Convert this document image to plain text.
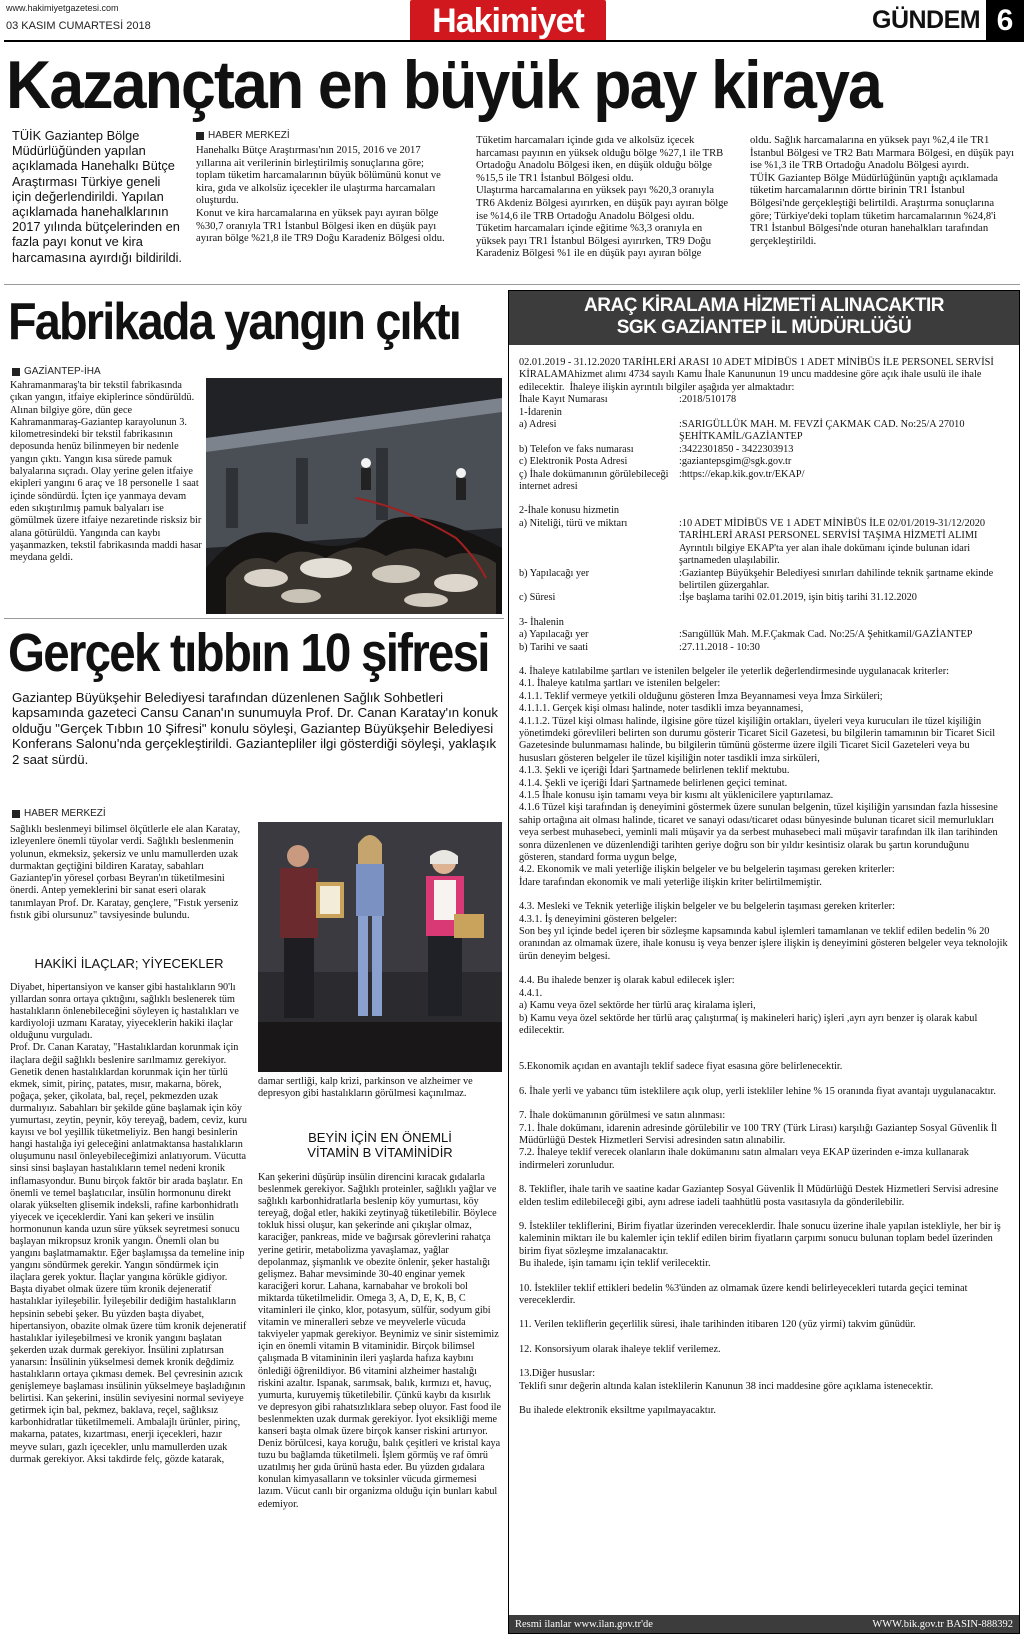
www.hakimiyetgazetesi.com
03 KASIM CUMARTESİ 2018	Hakimiyet	GÜNDEM 6
Kazançtan en büyük pay kiraya
TÜİK Gaziantep Bölge Müdürlüğünden yapılan açıklamada Hanehalkı Bütçe Araştırması Türkiye geneli için değerlendirildi. Yapılan açıklamada hanehalklarının 2017 yılında bütçelerinden en fazla payı konut ve kira harcamasına ayırdığı bildirildi.
HABER MERKEZİ

Hanehalkı Bütçe Araştırması'nın 2015, 2016 ve 2017 yıllarına ait verilerinin birleştirilmiş sonuçlarına göre; toplam tüketim harcamalarının büyük bölümünü konut ve kira, gıda ve alkolsüz içecekler ile ulaştırma harcamaları oluşturdu.
Konut ve kira harcamalarına en yüksek payı ayıran bölge %30,7 oranıyla TR1 İstanbul Bölgesi iken en düşük payı ayıran bölge %21,8 ile TR9 Doğu Karadeniz Bölgesi oldu.

Tüketim harcamaları içinde gıda ve alkolsüz içecek harcaması payının en yüksek olduğu bölge %27,1 ile TRB Ortadoğu Anadolu Bölgesi iken, en düşük olduğu bölge %15,5 ile TR1 İstanbul Bölgesi oldu.
Ulaştırma harcamalarına en yüksek payı %20,3 oranıyla TR6 Akdeniz Bölgesi ayırırken, en düşük payı ayıran bölge ise %14,6 ile TRB Ortadoğu Anadolu Bölgesi oldu.
Tüketim harcamaları içinde eğitime %3,3 oranıyla en yüksek payı TR1 İstanbul Bölgesi ayırırken, TR9 Doğu Karadeniz Bölgesi %1 ile en düşük payı ayıran bölge

oldu. Sağlık harcamalarına en yüksek payı %2,4 ile TR1 İstanbul Bölgesi ve TR2 Batı Marmara Bölgesi, en düşük payı ise %1,3 ile TRB Ortadoğu Anadolu Bölgesi ayırdı.
TÜİK Gaziantep Bölge Müdürlüğünün yaptığı açıklamada tüketim harcamalarının dörtte birinin TR1 İstanbul Bölgesi'nde gerçekleştiği belirtildi. Araştırma sonuçlarına göre; Türkiye'deki toplam tüketim harcamalarının %24,8'i TR1 İstanbul Bölgesi'nde oturan hanehalkları tarafından gerçekleştirildi.

Fabrikada yangın çıktı
GAZİANTEP-İHA

Kahramanmaraş'ta bir tekstil fabrikasında çıkan yangın, itfaiye ekiplerince söndürüldü.
Alınan bilgiye göre, dün gece Kahramanmaraş-Gaziantep karayolunun 3. kilometresindeki bir tekstil fabrikasının deposunda henüz bilinmeyen bir nedenle yangın çıktı. Yangın kısa sürede pamuk balyalarına sıçradı. Olay yerine gelen itfaiye ekipleri yangını 6 araç ve 18 personelle 1 saat içinde söndürdü. İçten içe yanmaya devam eden sıkıştırılmış pamuk balyaları ise gömülmek üzere itfaiye nezaretinde risksiz bir alana götürüldü. Yangında can kaybı yaşanmazken, tekstil fabrikasında maddi hasar meydana geldi.

Gerçek tıbbın 10 şifresi
Gaziantep Büyükşehir Belediyesi tarafından düzenlenen Sağlık Sohbetleri kapsamında gazeteci Cansu Canan'ın sunumuyla Prof. Dr. Canan Karatay'ın konuk olduğu "Gerçek Tıbbın 10 Şifresi" konulu söyleşi, Gaziantep Büyükşehir Belediyesi Konferans Salonu'nda gerçekleştirildi. Gaziantepliler ilgi gösterdiği söyleşi, yaklaşık 2 saat sürdü.
HABER MERKEZİ

Sağlıklı beslenmeyi bilimsel ölçütlerle ele alan Karatay, izleyenlere önemli tüyolar verdi. Sağlıklı beslenmenin yolunun, ekmeksiz, şekersiz ve unlu mamullerden uzak durmaktan geçtiğini bildiren Karatay, sabahları Gaziantep'in yöresel çorbası Beyran'ın tüketilmesini önerdi. Antep yemeklerini bir sanat eseri olarak tanımlayan Prof. Dr. Karatay, gençlere, "Fıstık yerseniz fıstık gibi olursunuz" tavsiyesinde bulundu.

HAKİKİ İLAÇLAR; YİYECEKLER

Diyabet, hipertansiyon ve kanser gibi hastalıkların 90'lı yıllardan sonra ortaya çıktığını, sağlıklı beslenerek tüm hastalıkların önlenebileceğini söyleyen iç hastalıkları ve kardiyoloji uzmanı Karatay, yiyeceklerin hakiki ilaçlar olduğunu vurguladı.
Prof. Dr. Canan Karatay, "Hastalıklardan korunmak için ilaçlara değil sağlıklı beslenire sarılmamız gerekiyor. Genetik denen hastalıklardan korunmak için her türlü ekmek, simit, pirinç, patates, mısır, makarna, börek, poğaça, şeker, çikolata, bal, reçel, pekmezden uzak durmalıyız. Sabahları bir şekilde güne başlamak için köy yumurtası, zeytin, peynir, köy tereyağ, badem, ceviz, kuru kayısı ve bol yeşillik tüketmeliyiz. Ben hangi besinlerin hangi hastalığa iyi geleceğini anlatmaktansa hastalıkların oluşumunu nasıl önleyebileceğimizi anlatıyorum. Vücutta sinsi sinsi başlayan hastalıkların temel nedeni kronik inflamasyondur. Bunu birçok faktör bir arada başlatır. En önemli ve temel başlatıcılar, insülin hormonunu direkt olarak yükselten glisemik indeksli, rafine karbonhidratlı yiyecek ve içeceklerdir. Yani kan şekeri ve insülin hormonunun kanda uzun süre yüksek seyretmesi sonucu başlayan mikropsuz kronik yangın. Önemli olan bu yangını başlatmamaktır. Eğer başlamışsa da temeline inip yangını söndürmek gerekir. Yangın söndürmek için ilaçlara gerek yoktur. İlaçlar yangına körükle gidiyor. Başta diyabet olmak üzere tüm kronik dejeneratif hastalıklar iyileşebilir. İyileşebilir dediğim hastalıkların hepsinin sebebi şeker. Bu yüzden başta diyabet, hipertansiyon, obazite olmak üzere tüm kronik dejeneratif hastalıklar iyileşebilmesi ve kronik yangını başlatan şekerden uzak durmak gerekiyor. İnsülini zıplatırsan yanarsın: İnsülinin yükselmesi demek kronik değdimiz hastalıkların ortaya çıkması demek. Bel çevresinin azıcık genişlemeye başlaması insülinin yükselmeye başladığının belirtisi. Kan şekerini, insülin seviyesini normal seviyeye getirmek için bal, pekmez, baklava, reçel, sağlıksız karbonhidratlar tüketilmemeli. Ambalajlı ürünler, pirinç, makarna, patates, kızartması, enerji içecekleri, hazır meyve suları, gazlı içecekler, unlu mamullerden uzak durmak gerekiyor. Aksi takdirde felç, gözde katarak,

damar sertliği, kalp krizi, parkinson ve alzheimer ve depresyon gibi hastalıkların görülmesi kaçınılmaz.

BEYİN İÇİN EN ÖNEMLİ
VİTAMİN B VİTAMİNİDİR

Kan şekerini düşürüp insülin direncini kıracak gıdalarla beslenmek gerekiyor. Sağlıklı proteinler, sağlıklı yağlar ve sağlıklı karbonhidratlarla beslenip köy yumurtası, köy tereyağ, doğal etler, hakiki zeytinyağ tüketilebilir. Böylece tokluk hissi oluşur, kan şekerinde ani çıkışlar olmaz, karaciğer, pankreas, mide ve bağırsak görevlerini rahatça yerine getirir, metabolizma yavaşlamaz, yağlar depolanmaz, şişmanlık ve obezite önlenir, şeker hastalığı gelişmez. Bahar mevsiminde 30-40 enginar yemek karaciğeri korur. Lahana, karnabahar ve brokoli bol miktarda tüketilmelidir. Omega 3, A, D, E, K, B, C vitaminleri ile çinko, klor, potasyum, sülfür, sodyum gibi vitamin ve mineralleri sebze ve meyvelerle vücuda takviyeler yapmak gerekiyor. Beynimiz ve sinir sistemimiz için en önemli vitamin B vitaminidir. Birçok bilimsel çalışmada B vitamininin ileri yaşlarda hafıza kaybını önlediği öğrenildiyor. B6 vitamini alzheimer hastalığı riskini azaltır. Ispanak, sarımsak, balık, kırmızı et, havuç, yumurta, kuruyemiş tüketilebilir. Çünkü kaybı da kısırlık ve depresyon gibi rahatsızlıklara sebep oluyor. Fast food ile beslenmekten uzak durmak gerekiyor. İyot eksikliği meme kanseri başta olmak üzere birçok kanser riskini artırıyor. Deniz börülcesi, kaya koruğu, balık çeşitleri ve kristal kaya tuzu bu bağlamda tüketilmeli. İşlem görmüş ve raf ömrü uzatılmış her gıda ürünü hasta eder. Bu yüzden gıdalara konulan kimyasalların ve toksinler vücuda girmemesi lazım. Vücut canlı bir organizma olduğu için bunları kabul edemiyor.

ARAÇ KİRALAMA HİZMETİ ALINACAKTIR
SGK GAZİANTEP İL MÜDÜRLÜĞÜ
02.01.2019 - 31.12.2020 TARİHLERİ ARASI 10 ADET MİDİBÜS 1 ADET MİNİBÜS İLE PERSONEL SERVİSİ KİRALAMAhizmet alımı 4734 sayılı Kamu İhale Kanununun 19 uncu maddesine göre açık ihale usulü ile ihale edilecektir.  İhaleye ilişkin ayrıntılı bilgiler aşağıda yer almaktadır:
İhale Kayıt Numarası	:2018/510178
1-İdarenin
a) Adresi	:SARIGÜLLÜK MAH. M. FEVZİ ÇAKMAK CAD. No:25/A 27010 ŞEHİTKAMİL/GAZİANTEP
b) Telefon ve faks numarası	:3422301850 - 3422303913
c) Elektronik Posta Adresi	:gaziantepsgim@sgk.gov.tr
ç) İhale dokümanının görülebileceği internet adresi
:https://ekap.kik.gov.tr/EKAP/
2-İhale konusu hizmetin
a) Niteliği, türü ve miktarı	:10 ADET MİDİBÜS VE 1 ADET MİNİBÜS İLE 02/01/2019-31/12/2020 TARİHLERİ ARASI PERSONEL SERVİSİ TAŞIMA HİZMETİ ALIMI
Ayrıntılı bilgiye EKAP'ta yer alan ihale dokümanı içinde bulunan idari şartnameden ulaşılabilir.
b) Yapılacağı yer	:Gaziantep Büyükşehir Belediyesi sınırları dahilinde teknik şartname ekinde belirtilen güzergahlar.
c) Süresi	:İşe başlama tarihi 02.01.2019, işin bitiş tarihi 31.12.2020
3- İhalenin
a) Yapılacağı yer	:Sarıgüllük Mah. M.F.Çakmak Cad. No:25/A Şehitkamil/GAZİANTEP
b) Tarihi ve saati	:27.11.2018 - 10:30
4. İhaleye katılabilme şartları ve istenilen belgeler ile yeterlik değerlendirmesinde uygulanacak kriterler:
4.1. İhaleye katılma şartları ve istenilen belgeler:
4.1.1. Teklif vermeye yetkili olduğunu gösteren İmza Beyannamesi veya İmza Sirküleri;
4.1.1.1. Gerçek kişi olması halinde, noter tasdikli imza beyannamesi,
4.1.1.2. Tüzel kişi olması halinde, ilgisine göre tüzel kişiliğin ortakları, üyeleri veya kurucuları ile tüzel kişiliğin yönetimdeki görevlileri belirten son durumu gösterir Ticaret Sicil Gazetesi, bu bilgilerin tamamının bir Ticaret Sicil Gazetesinde bulunmaması halinde, bu bilgilerin tümünü gösterme üzere ilgili Ticaret Sicil Gazeteleri veya bu hususları gösteren belgeler ile tüzel kişiliğin noter tasdikli imza sirküleri,
4.1.3. Şekli ve içeriği İdari Şartnamede belirlenen teklif mektubu.
4.1.4. Şekli ve içeriği İdari Şartnamede belirlenen geçici teminat.
4.1.5 İhale konusu işin tamamı veya bir kısmı alt yüklenicilere yaptırılamaz.
4.1.6 Tüzel kişi tarafından iş deneyimini göstermek üzere sunulan belgenin, tüzel kişiliğin yarısından fazla hissesine sahip ortağına ait olması halinde, ticaret ve sanayi odası/ticaret odası bünyesinde bulunan ticaret sicil memurlukları veya serbest muhasebeci, yeminli mali müşavir ya da serbest muhasebeci mali müşavir tarafından ilk ilan tarihinden sonra düzenlenen ve düzenlendiği tarihten geriye doğru son bir yıldır kesintisiz olarak bu şartın korunduğunu gösteren, standard forma uygun belge,
4.2. Ekonomik ve mali yeterliğe ilişkin belgeler ve bu belgelerin taşıması gereken kriterler:
İdare tarafından ekonomik ve mali yeterliğe ilişkin kriter belirtilmemiştir.
4.3. Mesleki ve Teknik yeterliğe ilişkin belgeler ve bu belgelerin taşıması gereken kriterler:
4.3.1. İş deneyimini gösteren belgeler:
Son beş yıl içinde bedel içeren bir sözleşme kapsamında kabul işlemleri tamamlanan ve teklif edilen bedelin % 20 oranından az olmamak üzere, ihale konusu iş veya benzer işlere ilişkin iş deneyimini gösteren belgeler veya teknolojik ürün deneyim belgesi.
4.4. Bu ihalede benzer iş olarak kabul edilecek işler:
4.4.1.
a) Kamu veya özel sektörde her türlü araç kiralama işleri,
b) Kamu veya özel sektörde her türlü araç çalıştırma( iş makineleri hariç) işleri ,ayrı ayrı benzer iş olarak kabul edilecektir.
5.Ekonomik açıdan en avantajlı teklif sadece fiyat esasına göre belirlenecektir.
6. İhale yerli ve yabancı tüm isteklilere açık olup, yerli istekliler lehine % 15 oranında fiyat avantajı uygulanacaktır.
7. İhale dokümanının görülmesi ve satın alınması:
7.1. İhale dokümanı, idarenin adresinde görülebilir ve 100 TRY (Türk Lirası) karşılığı Gaziantep Sosyal Güvenlik İl Müdürlüğü Destek Hizmetleri Servisi adresinden satın alınabilir.
7.2. İhaleye teklif verecek olanların ihale dokümanını satın almaları veya EKAP üzerinden e-imza kullanarak indirmeleri zorunludur.
8. Teklifler, ihale tarih ve saatine kadar Gaziantep Sosyal Güvenlik İl Müdürlüğü Destek Hizmetleri Servisi adresine elden teslim edilebileceği gibi, aynı adrese iadeli taahhütlü posta vasıtasıyla da gönderilebilir.
9. İstekliler tekliflerini, Birim fiyatlar üzerinden vereceklerdir. İhale sonucu üzerine ihale yapılan istekliyle, her bir iş kaleminin miktarı ile bu kalemler için teklif edilen birim fiyatların çarpımı sonucu bulunan toplam bedel üzerinden birim fiyat sözleşme imzalanacaktır.
Bu ihalede, işin tamamı için teklif verilecektir.
10. İstekliler teklif ettikleri bedelin %3'ünden az olmamak üzere kendi belirleyecekleri tutarda geçici teminat vereceklerdir.
11. Verilen tekliflerin geçerlilik süresi, ihale tarihinden itibaren 120 (yüz yirmi) takvim günüdür.
12. Konsorsiyum olarak ihaleye teklif verilemez.
13.Diğer hususlar:
Teklifi sınır değerin altında kalan isteklilerin Kanunun 38 inci maddesine göre açıklama istenecektir.
Bu ihalede elektronik eksiltme yapılmayacaktır.
Resmi ilanlar www.ilan.gov.tr'de	WWW.bik.gov.tr BASIN-888392
